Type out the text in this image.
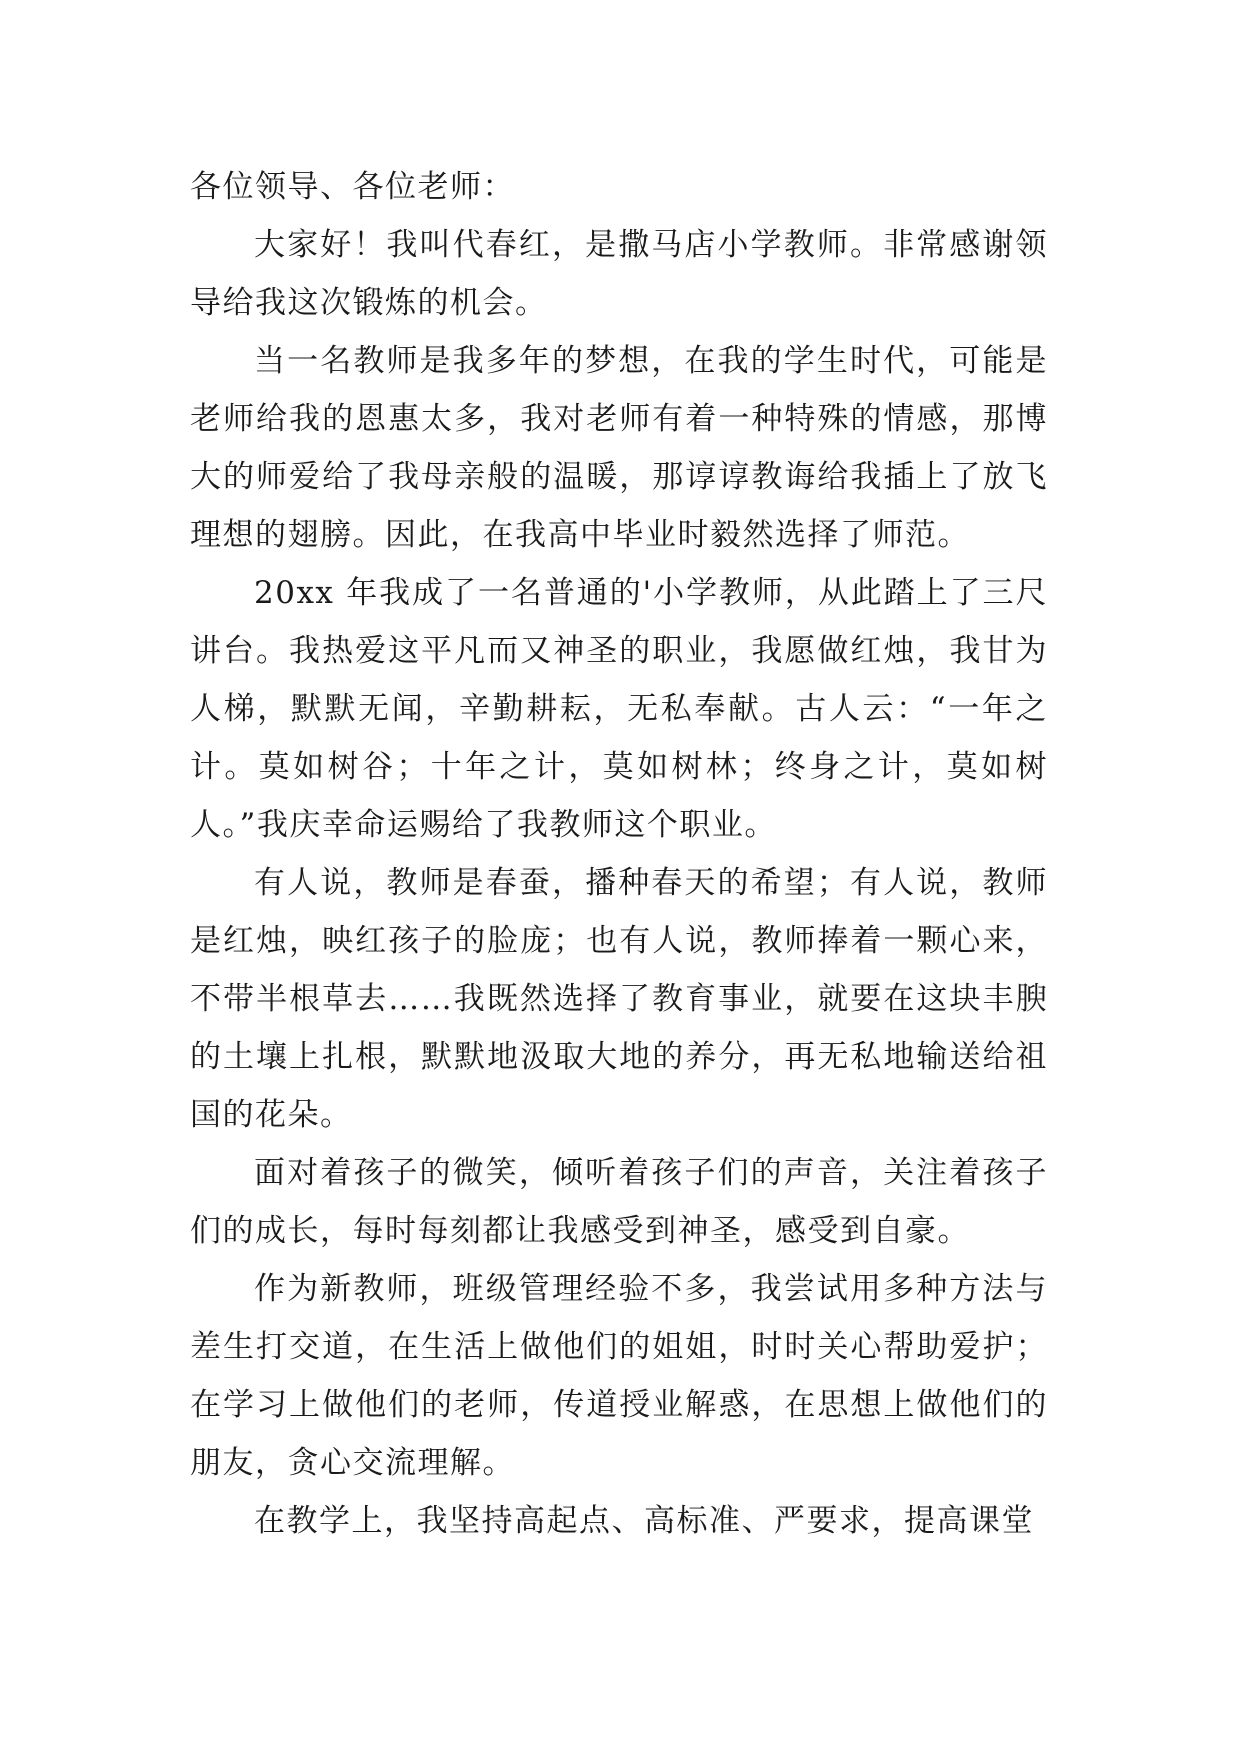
各位领导、各位老师：

大家好！我叫代春红，是撒马店小学教师。非常感谢领导给我这次锻炼的机会。

当一名教师是我多年的梦想，在我的学生时代，可能是老师给我的恩惠太多，我对老师有着一种特殊的情感，那博大的师爱给了我母亲般的温暖，那谆谆教诲给我插上了放飞理想的翅膀。因此，在我高中毕业时毅然选择了师范。

20xx 年我成了一名普通的'小学教师，从此踏上了三尺讲台。我热爱这平凡而又神圣的职业，我愿做红烛，我甘为人梯，默默无闻，辛勤耕耘，无私奉献。古人云：“一年之计。莫如树谷；十年之计，莫如树林；终身之计，莫如树人。”我庆幸命运赐给了我教师这个职业。

有人说，教师是春蚕，播种春天的希望；有人说，教师是红烛，映红孩子的脸庞；也有人说，教师捧着一颗心来，不带半根草去……我既然选择了教育事业，就要在这块丰腴的土壤上扎根，默默地汲取大地的养分，再无私地输送给祖国的花朵。

面对着孩子的微笑，倾听着孩子们的声音，关注着孩子们的成长，每时每刻都让我感受到神圣，感受到自豪。

作为新教师，班级管理经验不多，我尝试用多种方法与差生打交道，在生活上做他们的姐姐，时时关心帮助爱护；在学习上做他们的老师，传道授业解惑，在思想上做他们的朋友，贪心交流理解。

在教学上，我坚持高起点、高标准、严要求，提高课堂
